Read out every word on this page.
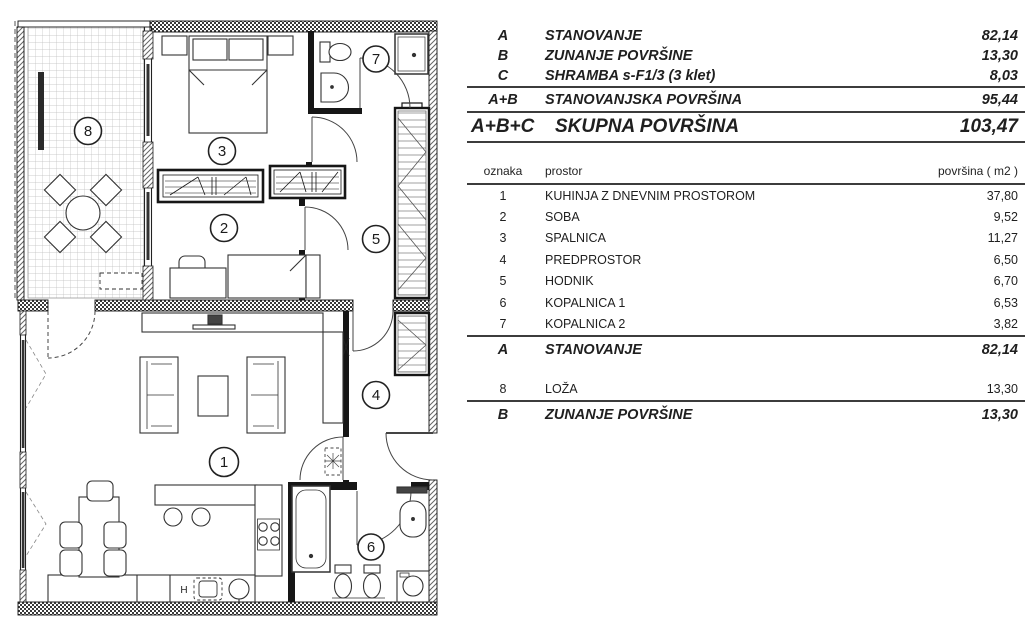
H
1
2
3
4
5
6
7
8
A	STANOVANJE	82,14
B	ZUNANJE POVRŠINE	13,30
C	SHRAMBA s-F1/3 (3 klet)	8,03
A+B	STANOVANJSKA POVRŠINA	95,44
A+B+C	SKUPNA POVRŠINA	103,47
oznaka	prostor	površina ( m2 )
1	KUHINJA Z DNEVNIM PROSTOROM	37,80
2	SOBA	9,52
3	SPALNICA	11,27
4	PREDPROSTOR	6,50
5	HODNIK	6,70
6	KOPALNICA 1	6,53
7	KOPALNICA 2	3,82
A	STANOVANJE	82,14
8	LOŽA	13,30
B	ZUNANJE POVRŠINE	13,30
